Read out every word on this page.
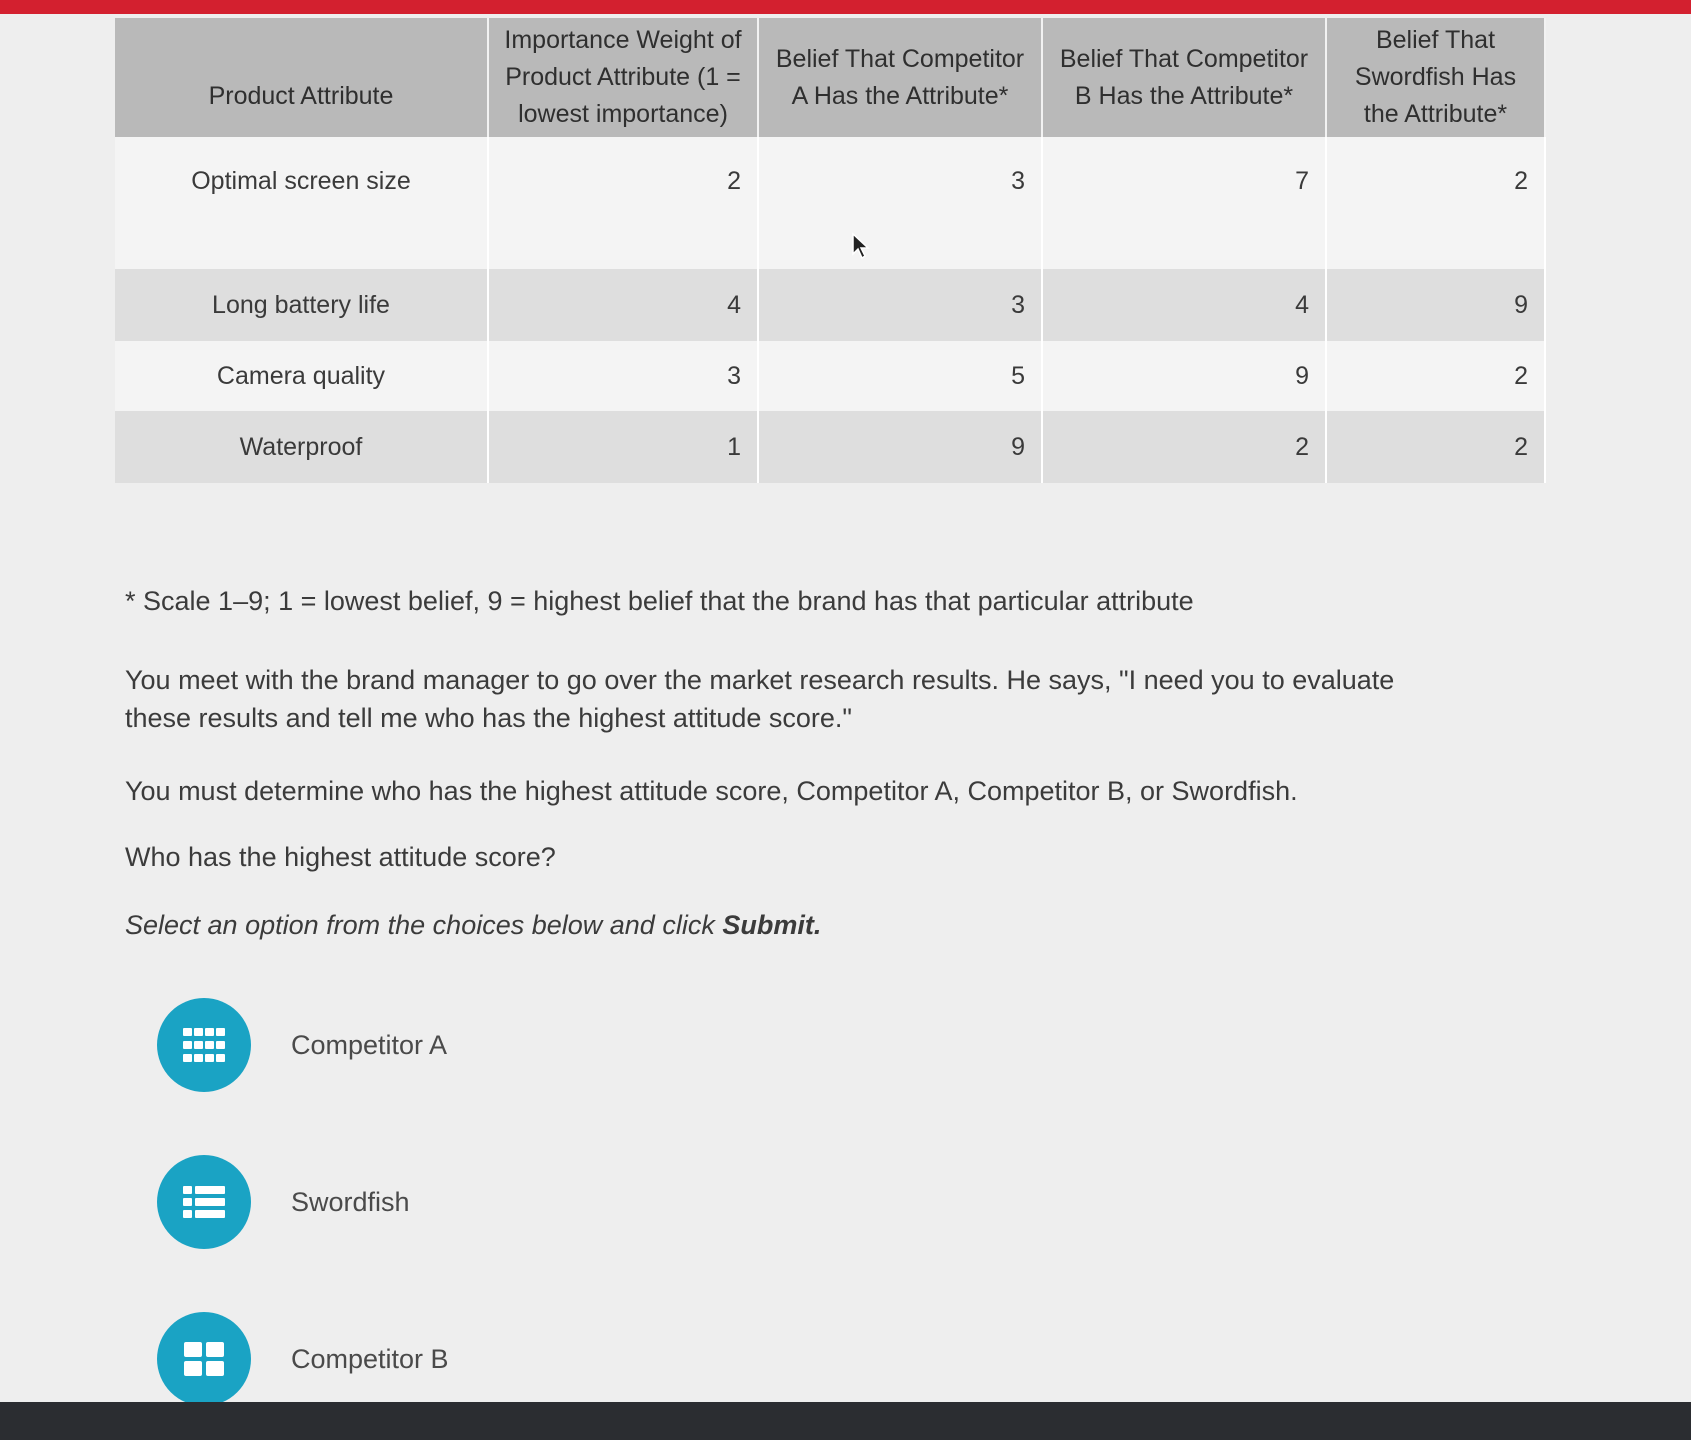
Product Attribute	Importance Weight of Product Attribute (1 = lowest importance)	Belief That Competitor A Has the Attribute*	Belief That Competitor B Has the Attribute*	Belief That Swordfish Has the Attribute*
Optimal screen size	2	3	7	2
Long battery life	4	3	4	9
Camera quality	3	5	9	2
Waterproof	1	9	2	2
* Scale 1–9; 1 = lowest belief, 9 = highest belief that the brand has that particular attribute
You meet with the brand manager to go over the market research results. He says, "I need you to evaluate
these results and tell me who has the highest attitude score."
You must determine who has the highest attitude score, Competitor A, Competitor B, or Swordfish.
Who has the highest attitude score?
Select an option from the choices below and click Submit.
Competitor A
Swordfish
Competitor B
